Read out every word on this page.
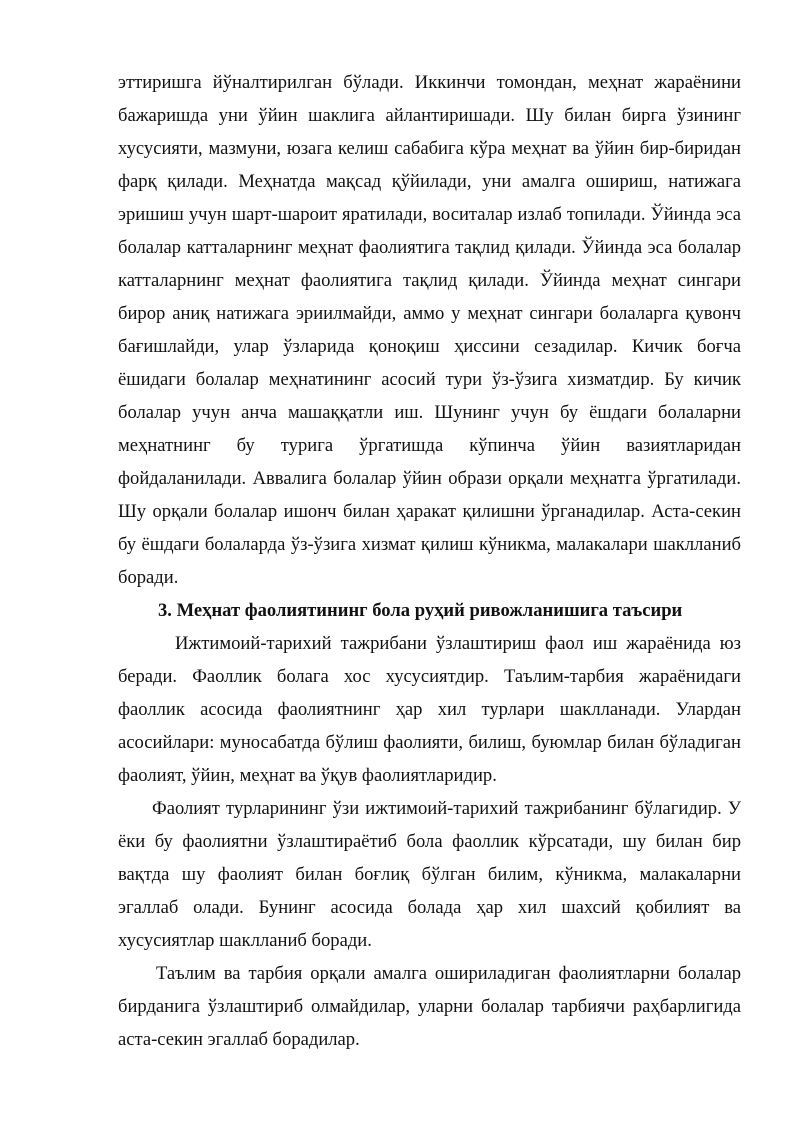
эттиришга йўналтирилган бўлади. Иккинчи томондан, меҳнат жараёнини бажаришда уни ўйин шаклига айлантиришади. Шу билан бирга ўзининг хусусияти, мазмуни, юзага келиш сабабига кўра меҳнат ва ўйин бир-биридан фарқ қилади. Меҳнатда мақсад қўйилади, уни амалга ошириш, натижага эришиш учун шарт-шароит яратилади, воситалар излаб топилади. Ўйинда эса болалар катталарнинг меҳнат фаолиятига тақлид қилади. Ўйинда эса болалар катталарнинг меҳнат фаолиятига тақлид қилади. Ўйинда меҳнат сингари бирор аниқ натижага эриилмайди, аммо у меҳнат сингари болаларга қувонч бағишлайди, улар ўзларида қоноқиш ҳиссини сезадилар. Кичик боғча ёшидаги болалар меҳнатининг асосий тури ўз-ўзига хизматдир. Бу кичик болалар учун анча машаққатли иш. Шунинг учун бу ёшдаги болаларни меҳнатнинг бу турига ўргатишда кўпинча ўйин вазиятларидан фойдаланилади. Аввалига болалар ўйин образи орқали меҳнатга ўргатилади. Шу орқали болалар ишонч билан ҳаракат қилишни ўрганадилар. Аста-секин бу ёшдаги болаларда ўз-ўзига хизмат қилиш кўникма, малакалари шаклланиб боради.

3. Меҳнат фаолиятининг бола руҳий ривожланишига таъсири

Ижтимоий-тарихий тажрибани ўзлаштириш фаол иш жараёнида юз беради. Фаоллик болага хос хусусиятдир. Таълим-тарбия жараёнидаги фаоллик асосида фаолиятнинг ҳар хил турлари шаклланади. Улардан асосийлари: муносабатда бўлиш фаолияти, билиш, буюмлар билан бўладиган фаолият, ўйин, меҳнат ва ўқув фаолиятларидир.

Фаолият турларининг ўзи ижтимоий-тарихий тажрибанинг бўлагидир. У ёки бу фаолиятни ўзлаштираётиб бола фаоллик кўрсатади, шу билан бир вақтда шу фаолият билан боғлиқ бўлган билим, кўникма, малакаларни эгаллаб олади. Бунинг асосида болада ҳар хил шахсий қобилият ва хусусиятлар шаклланиб боради.

Таълим ва тарбия орқали амалга ошириладиган фаолиятларни болалар бирданига ўзлаштириб олмайдилар, уларни болалар тарбиячи раҳбарлигида аста-секин эгаллаб борадилар.
